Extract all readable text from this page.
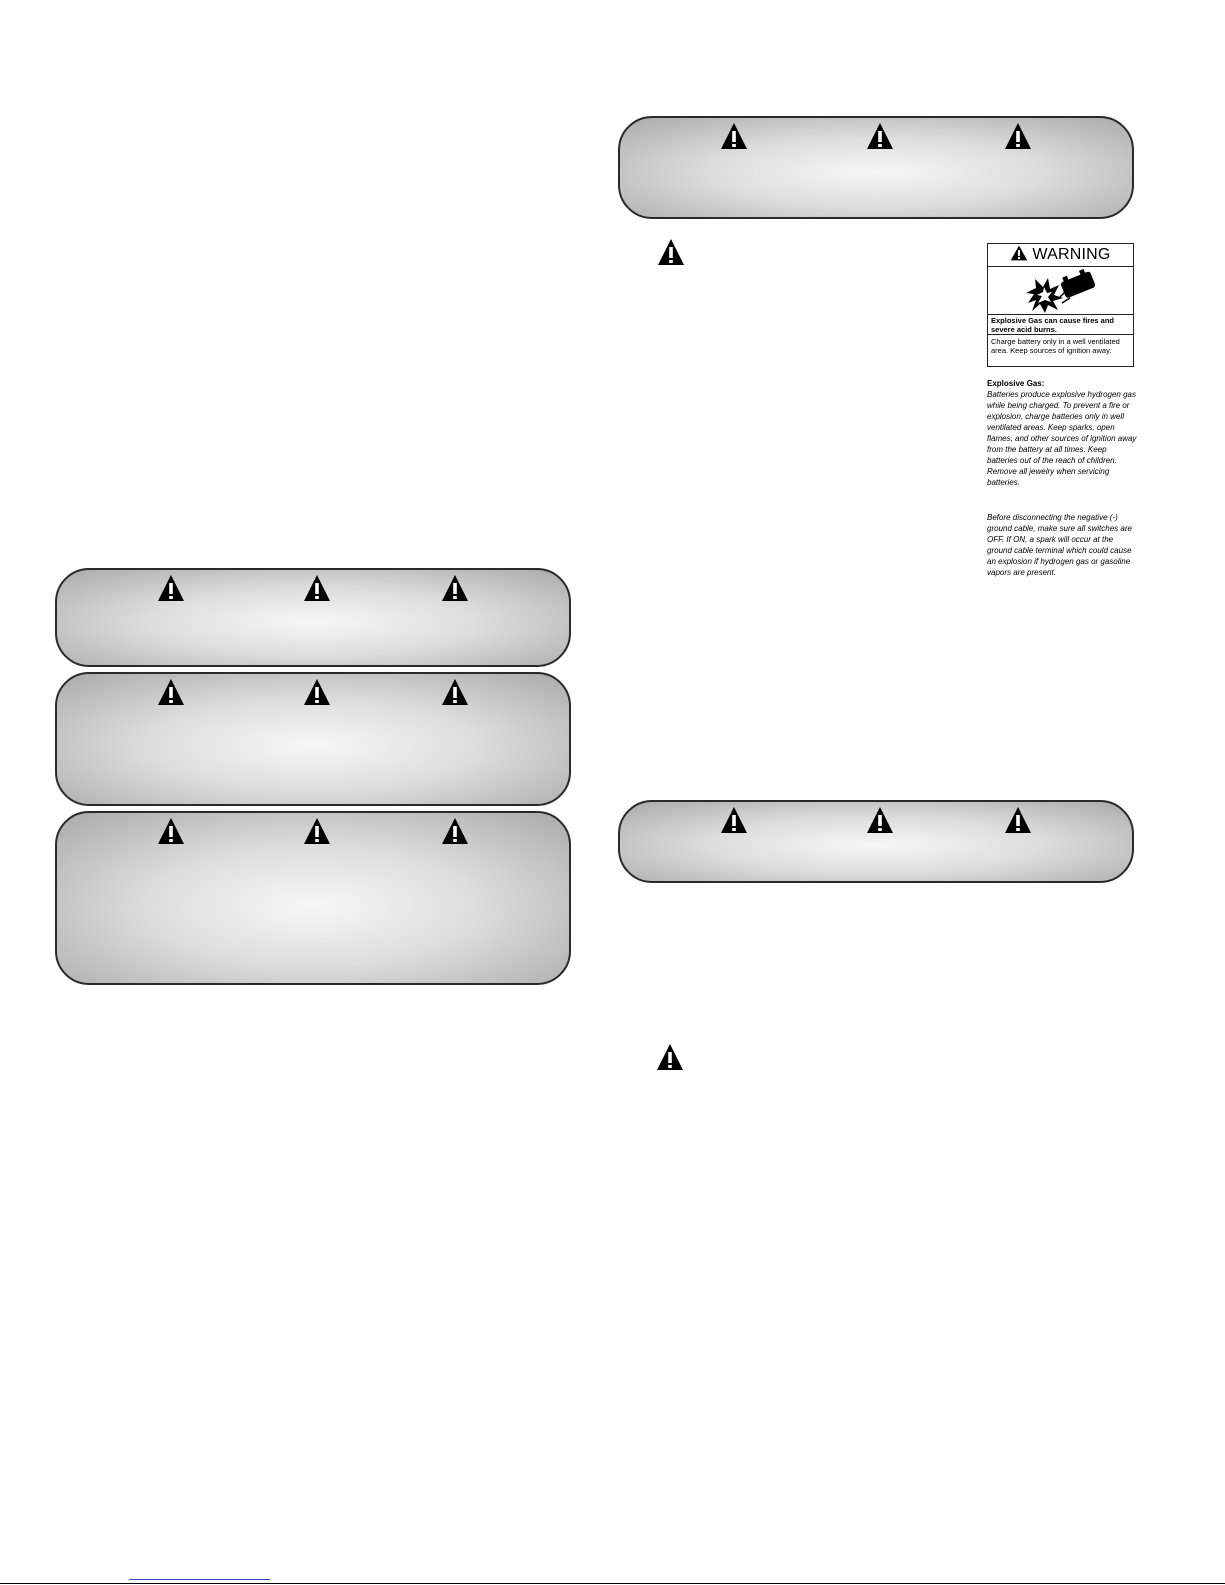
WARNING
Explosive Gas can cause fires and severe acid burns.
Charge battery only in a well ventilated area. Keep sources of ignition away.
Explosive Gas:

Batteries produce explosive hydrogen gas while being charged. To prevent a fire or explosion, charge batteries only in well ventilated areas. Keep sparks, open flames, and other sources of ignition away from the battery at all times. Keep batteries out of the reach of children. Remove all jewelry when servicing batteries.

Before disconnecting the negative (-) ground cable, make sure all switches are OFF. If ON, a spark will occur at the ground cable terminal which could cause an explosion if hydrogen gas or gasoline vapors are present.
